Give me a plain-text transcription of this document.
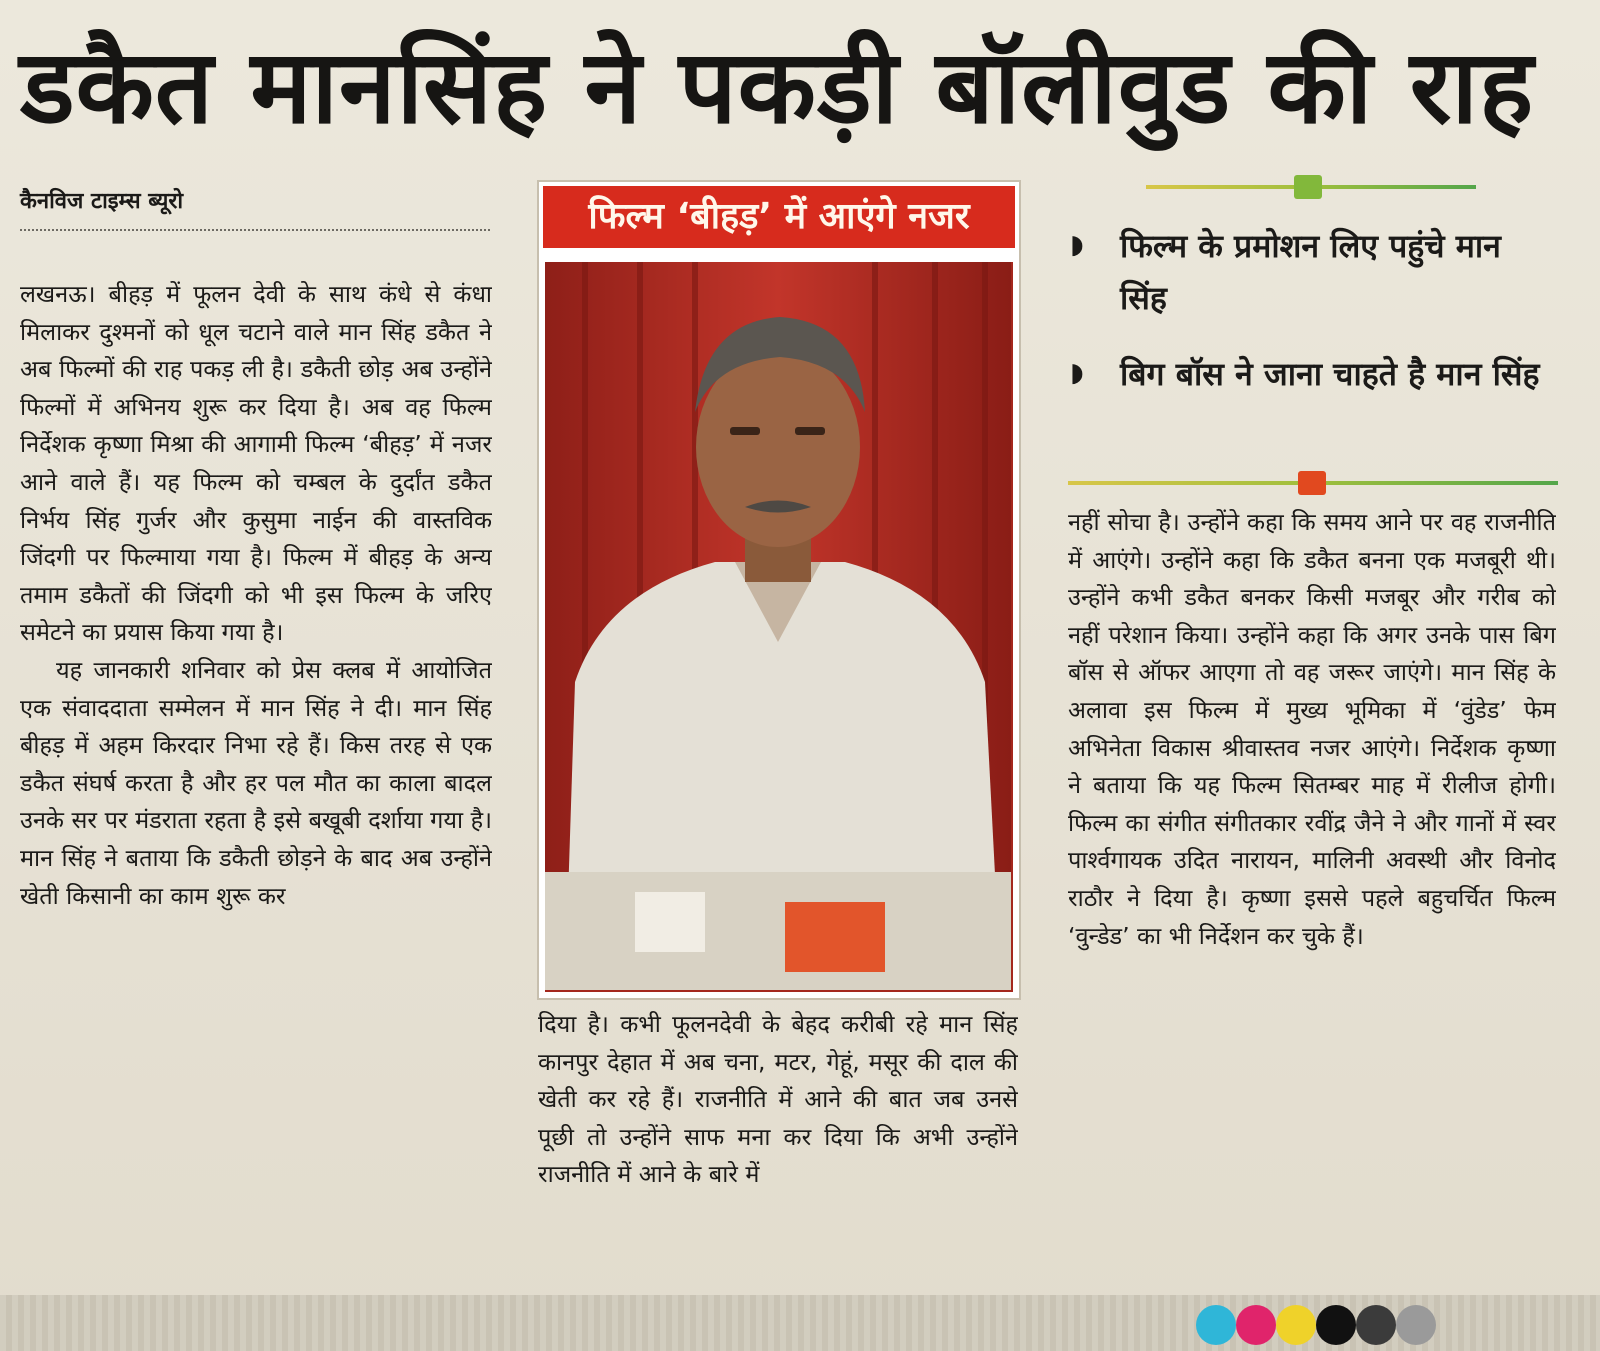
डकैत मानसिंह ने पकड़ी बॉलीवुड की राह
कैनविज टाइम्स ब्यूरो

लखनऊ। बीहड़ में फूलन देवी के साथ कंधे से कंधा मिलाकर दुश्मनों को धूल चटाने वाले मान सिंह डकैत ने अब फिल्मों की राह पकड़ ली है। डकैती छोड़ अब उन्होंने फिल्मों में अभिनय शुरू कर दिया है। अब वह फिल्म निर्देशक कृष्णा मिश्रा की आगामी फिल्म ‘बीहड़’ में नजर आने वाले हैं। यह फिल्म को चम्बल के दुर्दांत डकैत निर्भय सिंह गुर्जर और कुसुमा नाईन की वास्तविक जिंदगी पर फिल्माया गया है। फिल्म में बीहड़ के अन्य तमाम डकैतों की जिंदगी को भी इस फिल्म के जरिए समेटने का प्रयास किया गया है।

यह जानकारी शनिवार को प्रेस क्लब में आयोजित एक संवाददाता सम्मेलन में मान सिंह ने दी। मान सिंह बीहड़ में अहम किरदार निभा रहे हैं। किस तरह से एक डकैत संघर्ष करता है और हर पल मौत का काला बादल उनके सर पर मंडराता रहता है इसे बखूबी दर्शाया गया है। मान सिंह ने बताया कि डकैती छोड़ने के बाद अब उन्होंने खेती किसानी का काम शुरू कर

फिल्म ‘बीहड़’ में आएंगे नजर

दिया है। कभी फूलनदेवी के बेहद करीबी रहे मान सिंह कानपुर देहात में अब चना, मटर, गेहूं, मसूर की दाल की खेती कर रहे हैं। राजनीति में आने की बात जब उनसे पूछी तो उन्होंने साफ मना कर दिया कि अभी उन्होंने राजनीति में आने के बारे में

◗ फिल्म के प्रमोशन लिए पहुंचे मान सिंह
◗ बिग बॉस ने जाना चाहते है मान सिंह

नहीं सोचा है। उन्होंने कहा कि समय आने पर वह राजनीति में आएंगे। उन्होंने कहा कि डकैत बनना एक मजबूरी थी। उन्होंने कभी डकैत बनकर किसी मजबूर और गरीब को नहीं परेशान किया। उन्होंने कहा कि अगर उनके पास बिग बॉस से ऑफर आएगा तो वह जरूर जाएंगे। मान सिंह के अलावा इस फिल्म में मुख्य भूमिका में ‘वुंडेड’ फेम अभिनेता विकास श्रीवास्तव नजर आएंगे। निर्देशक कृष्णा ने बताया कि यह फिल्म सितम्बर माह में रीलीज होगी। फिल्म का संगीत संगीतकार रवींद्र जैने ने और गानों में स्वर पार्श्वगायक उदित नारायन, मालिनी अवस्थी और विनोद राठौर ने दिया है। कृष्णा इससे पहले बहुचर्चित फिल्म ‘वुन्डेड’ का भी निर्देशन कर चुके हैं।
